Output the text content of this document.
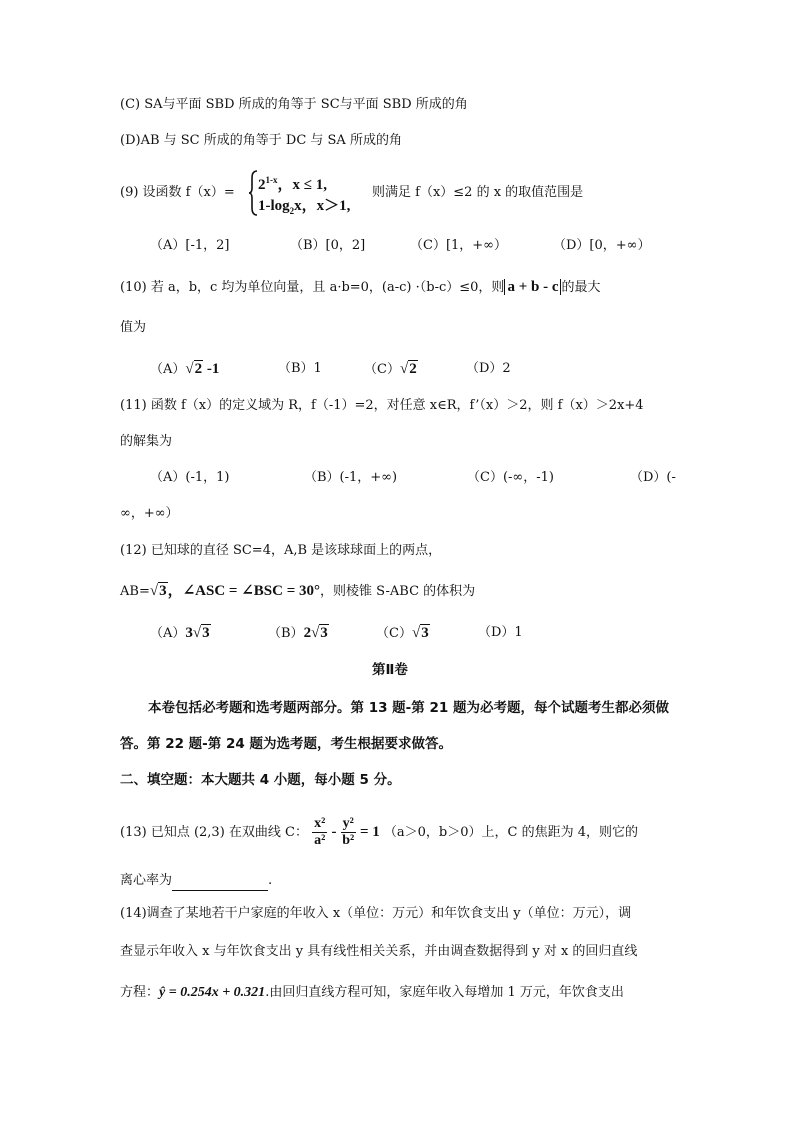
(C) SA与平面 SBD 所成的角等于 SC与平面 SBD 所成的角
(D)AB 与 SC 所成的角等于 DC 与 SA 所成的角
(9) 设函数 $f(x)= 2^{1-x}$，x ≤ 1,
$1-\log_2x$，x＞1,
则满足 f（x）≤2 的 x 的取值范围是
（A）[-1，2]	（B）[0，2]	（C）[1，+∞）	（D）[0，+∞）
(10) 若 a，b，c 均为单位向量，且 a·b=0，(a-c) ·（b-c）≤0，则 a + b - c 的最大
值为
（A）√2 -1	（B）1	（C）√2	（D）2
(11) 函数 f（x）的定义域为 R，f（-1）=2，对任意 x∈R，f’（x）＞2，则 f（x）＞2x+4
的解集为
（A）(-1，1)	（B）(-1，+∞)	（C）(-∞，-1)	（D）(-
∞，+∞）
(12) 已知球的直径 SC=4，A,B 是该球球面上的两点，
AB=√3，∠ASC = ∠BSC = 30°，则棱锥 S-ABC 的体积为
（A）3√3	（B）2√3	（C）√3	（D）1
第Ⅱ卷
本卷包括必考题和选考题两部分。第 13 题-第 21 题为必考题，每个试题考生都必须做
答。第 22 题-第 24 题为选考题，考生根据要求做答。
二、填空题：本大题共 4 小题，每小题 5 分。
(13) 已知点 (2,3) 在双曲线 C： $\frac{\text{x²}}{\text{a²}} - \frac{\text{y²}}{\text{b²}} = 1$ （a＞0，b＞0）上，C 的焦距为 4，则它的
离心率为	.
(14)调查了某地若干户家庭的年收入 x（单位：万元）和年饮食支出 y（单位：万元），调
查显示年收入 x 与年饮食支出 y 具有线性相关关系，并由调查数据得到 y 对 x 的回归直线
方程：ŷ = 0.254x + 0.321.由回归直线方程可知，家庭年收入每增加 1 万元，年饮食支出
